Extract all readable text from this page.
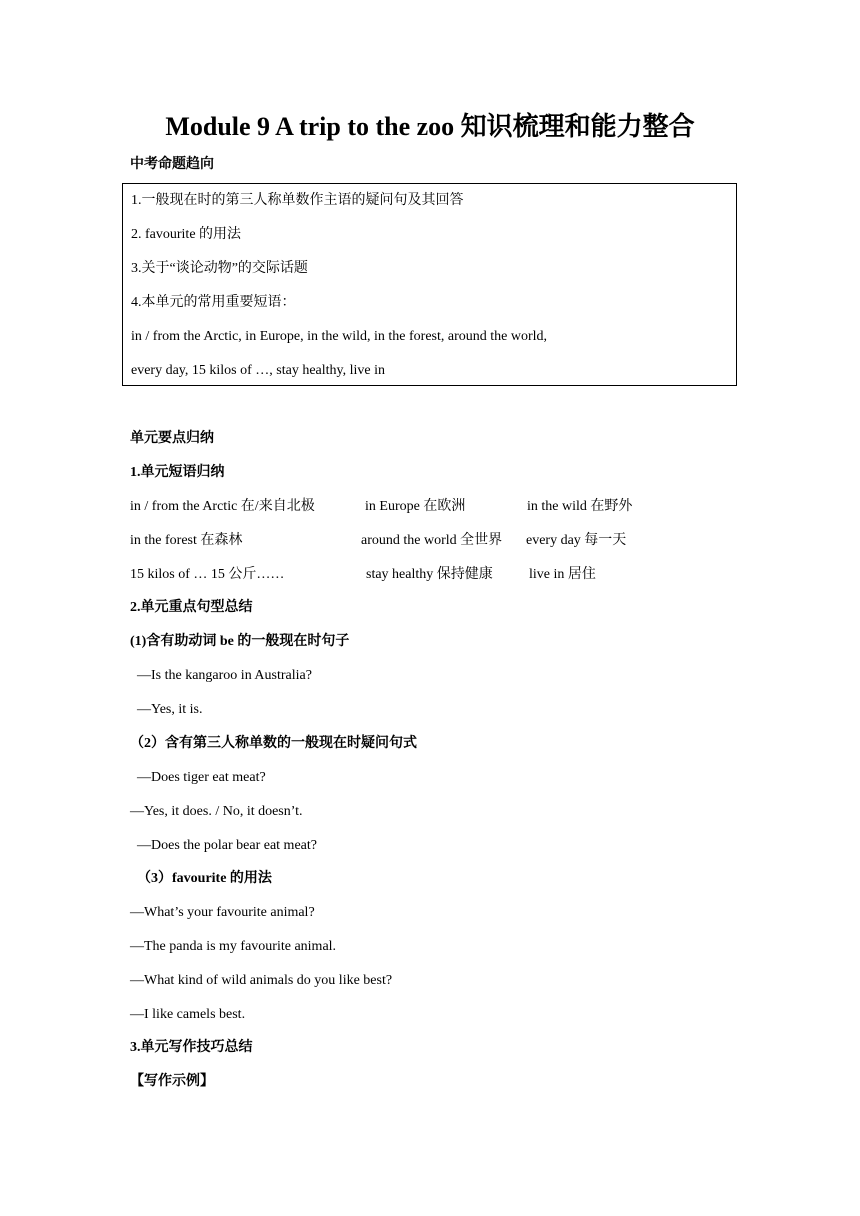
Module 9 A trip to the zoo 知识梳理和能力整合
中考命题趋向
1.一般现在时的第三人称单数作主语的疑问句及其回答
2. favourite 的用法
3.关于“谈论动物”的交际话题
4.本单元的常用重要短语：
in / from the Arctic, in Europe, in the wild, in the forest, around the world,
every day, 15 kilos of …, stay healthy, live in
单元要点归纳
1.单元短语归纳
in / from the Arctic 在/来自北极	in Europe 在欧洲	in the wild 在野外
in the forest 在森林	around the world 全世界 every day 每一天
15 kilos of … 15 公斤……	stay healthy 保持健康	live in 居住
2.单元重点句型总结
(1)含有助动词 be 的一般现在时句子
—Is the kangaroo in Australia?
—Yes, it is.
（2）含有第三人称单数的一般现在时疑问句式
—Does tiger eat meat?
—Yes, it does. / No, it doesn’t.
—Does the polar bear eat meat?
（3）favourite 的用法
—What’s your favourite animal?
—The panda is my favourite animal.
—What kind of wild animals do you like best?
—I like camels best.
3.单元写作技巧总结
【写作示例】
